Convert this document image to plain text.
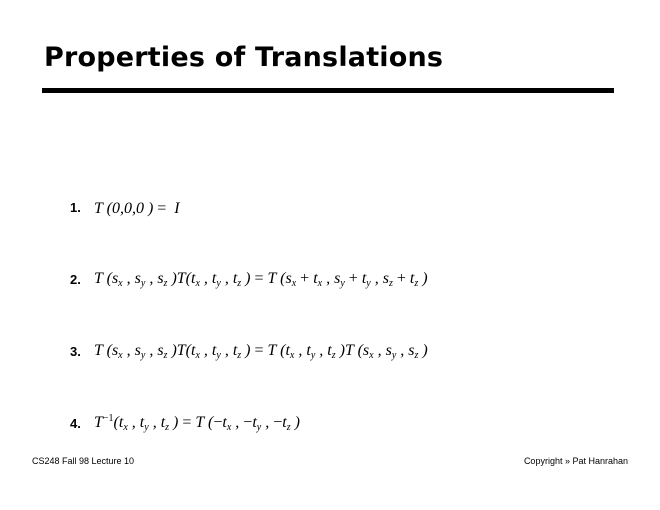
Properties of Translations
1. T (0,0,0 ) = I
2. T ($s_x$ , $s_y$ , $s_z$ )$T(t_x$ , $t_y$ , $t_z$ ) = T ($s_x + t_x$ , $s_y + t_y$ , $s_z + t_z$ )
3. T ($s_x$ , $s_y$ , $s_z$ )$T(t_x$ , $t_y$ , $t_z$ ) = T ($t_x$ , $t_y$ , $t_z$ )T ($s_x$ , $s_y$ , $s_z$ )
4. $T^{-1}(t_x$ , $t_y$ , $t_z$ ) = T ($-t_x$ , $-t_y$ , $-t_z$ )
CS248 Fall 98 Lecture 10	Copyright » Pat Hanrahan
